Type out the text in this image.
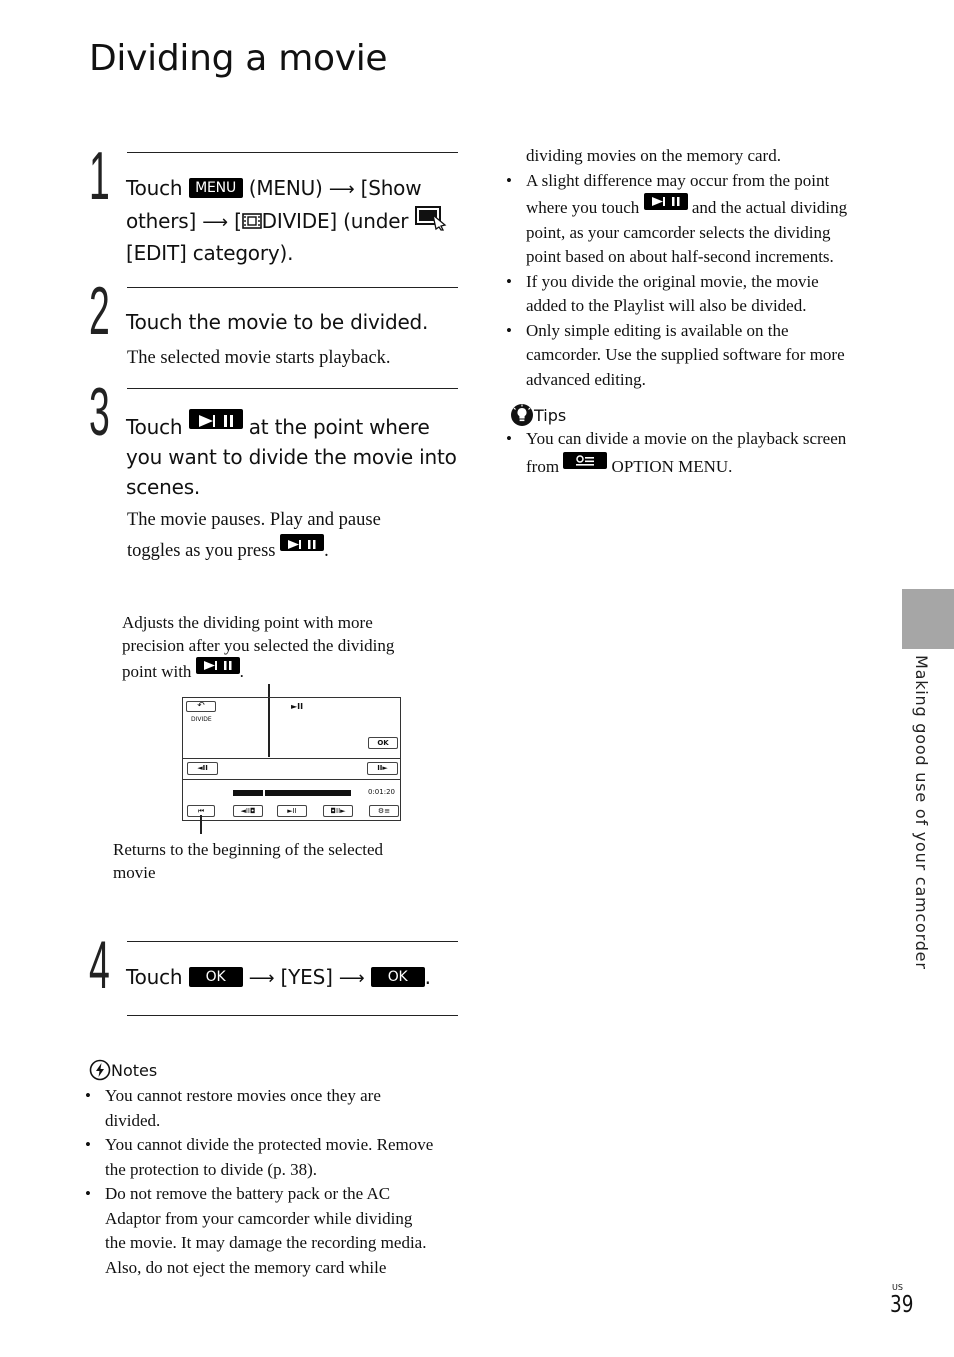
Dividing a movie
1 Touch MENU (MENU) ⟶ [Show
others] ⟶ [ DIVIDE] (under
[EDIT] category).
2 Touch the movie to be divided.
The selected movie starts playback.
3 Touch	at the point where
you want to divide the movie into
scenes.
The movie pauses. Play and pause
toggles as you press	.
Adjusts the dividing point with more
precision after you selected the dividing
point with	.
↶
DIVIDE
►II
OK
◄II	II►
0:01:20
⏮	◄II◘	►II	◘II►	⚙≡
Returns to the beginning of the selected
movie
4 Touch OK ⟶ [YES] ⟶ OK .
Notes
• You cannot restore movies once they are
divided.
• You cannot divide the protected movie. Remove
the protection to divide (p. 38).
• Do not remove the battery pack or the AC
Adaptor from your camcorder while dividing
the movie. It may damage the recording media.
Also, do not eject the memory card while
dividing movies on the memory card.
• A slight difference may occur from the point
where you touch	and the actual dividing
point, as your camcorder selects the dividing
point based on about half-second increments.
• If you divide the original movie, the movie
added to the Playlist will also be divided.
• Only simple editing is available on the
camcorder. Use the supplied software for more
advanced editing.
Tips
• You can divide a movie on the playback screen
from	OPTION MENU.
Making good use of your camcorder
US
39
